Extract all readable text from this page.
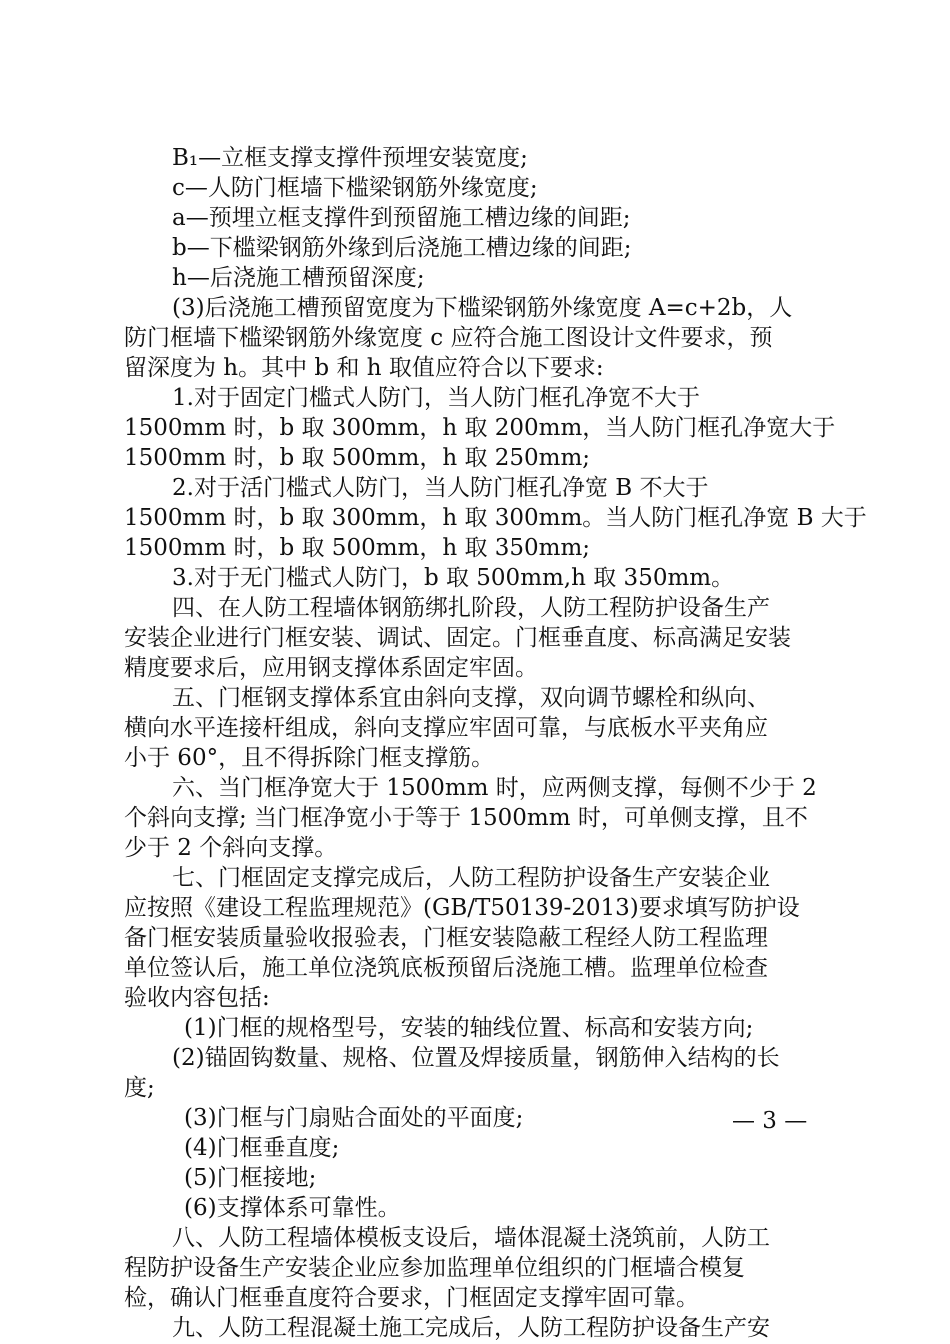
B₁—立框支撑支撑件预埋安装宽度;
c—人防门框墙下槛梁钢筋外缘宽度;
a—预埋立框支撑件到预留施工槽边缘的间距;
b—下槛梁钢筋外缘到后浇施工槽边缘的间距;
h—后浇施工槽预留深度;
(3)后浇施工槽预留宽度为下槛梁钢筋外缘宽度 A=c+2b，人
防门框墙下槛梁钢筋外缘宽度 c 应符合施工图设计文件要求，预
留深度为 h。其中 b 和 h 取值应符合以下要求:
1.对于固定门槛式人防门，当人防门框孔净宽不大于
1500mm 时，b 取 300mm，h 取 200mm，当人防门框孔净宽大于
1500mm 时，b 取 500mm，h 取 250mm;
2.对于活门槛式人防门，当人防门框孔净宽 B 不大于
1500mm 时，b 取 300mm，h 取 300mm。当人防门框孔净宽 B 大于
1500mm 时，b 取 500mm，h 取 350mm;
3.对于无门槛式人防门，b 取 500mm,h 取 350mm。
四、在人防工程墙体钢筋绑扎阶段，人防工程防护设备生产
安装企业进行门框安装、调试、固定。门框垂直度、标高满足安装
精度要求后，应用钢支撑体系固定牢固。
五、门框钢支撑体系宜由斜向支撑，双向调节螺栓和纵向、
横向水平连接杆组成，斜向支撑应牢固可靠，与底板水平夹角应
小于 60°，且不得拆除门框支撑筋。
六、当门框净宽大于 1500mm 时，应两侧支撑，每侧不少于 2
个斜向支撑; 当门框净宽小于等于 1500mm 时，可单侧支撑，且不
少于 2 个斜向支撑。
七、门框固定支撑完成后，人防工程防护设备生产安装企业
应按照《建设工程监理规范》(GB/T50139-2013)要求填写防护设
备门框安装质量验收报验表，门框安装隐蔽工程经人防工程监理
单位签认后，施工单位浇筑底板预留后浇施工槽。监理单位检查
验收内容包括:
(1)门框的规格型号，安装的轴线位置、标高和安装方向;
(2)锚固钩数量、规格、位置及焊接质量，钢筋伸入结构的长
度;
(3)门框与门扇贴合面处的平面度;
(4)门框垂直度;
(5)门框接地;
(6)支撑体系可靠性。
八、人防工程墙体模板支设后，墙体混凝土浇筑前，人防工
程防护设备生产安装企业应参加监理单位组织的门框墙合模复
检，确认门框垂直度符合要求，门框固定支撑牢固可靠。
九、人防工程混凝土施工完成后，人防工程防护设备生产安
— 3 —
